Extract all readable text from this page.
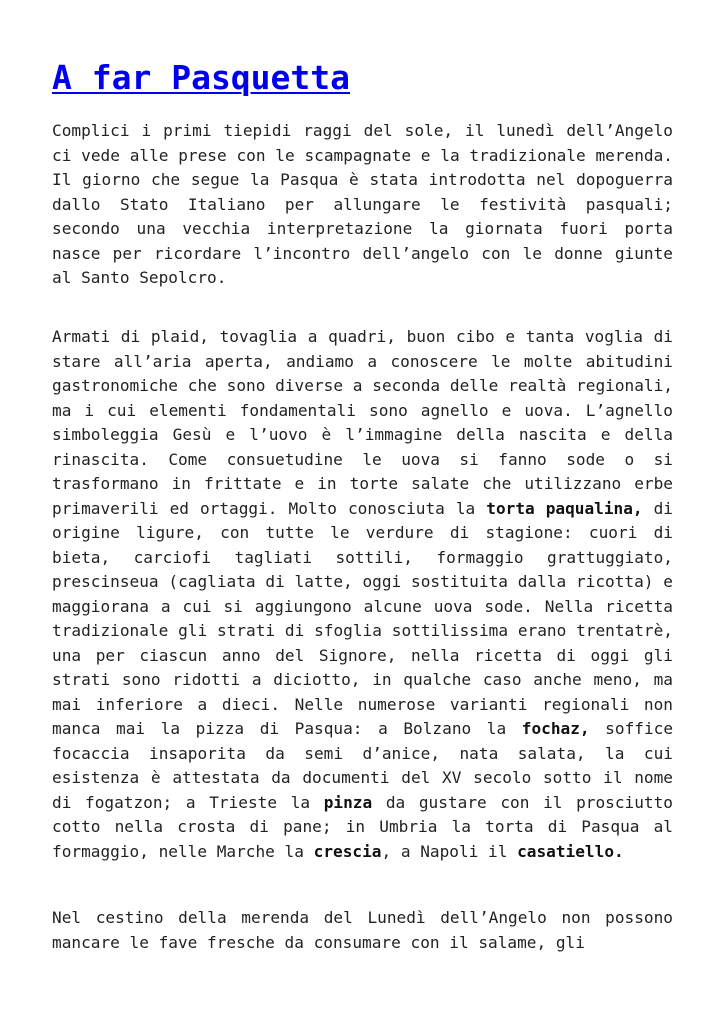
A far Pasquetta

Complici i primi tiepidi raggi del sole, il lunedì dell’Angelo ci vede alle prese con le scampagnate e la tradizionale merenda. Il giorno che segue la Pasqua è stata introdotta nel dopoguerra dallo Stato Italiano per allungare le festività pasquali; secondo una vecchia interpretazione la giornata fuori porta nasce per ricordare l’incontro dell’angelo con le donne giunte al Santo Sepolcro.

Armati di plaid, tovaglia a quadri, buon cibo e tanta voglia di stare all’aria aperta, andiamo a conoscere le molte abitudini gastronomiche che sono diverse a seconda delle realtà regionali, ma i cui elementi fondamentali sono agnello e uova. L’agnello simboleggia Gesù e l’uovo è l’immagine della nascita e della rinascita. Come consuetudine le uova si fanno sode o si trasformano in frittate e in torte salate che utilizzano erbe primaverili ed ortaggi. Molto conosciuta la torta paqualina, di origine ligure, con tutte le verdure di stagione: cuori di bieta, carciofi tagliati sottili, formaggio grattuggiato, prescinseua (cagliata di latte, oggi sostituita dalla ricotta) e maggiorana a cui si aggiungono alcune uova sode. Nella ricetta tradizionale gli strati di sfoglia sottilissima erano trentatrè, una per ciascun anno del Signore, nella ricetta di oggi gli strati sono ridotti a diciotto, in qualche caso anche meno, ma mai inferiore a dieci. Nelle numerose varianti regionali non manca mai la pizza di Pasqua: a Bolzano la fochaz, soffice focaccia insaporita da semi d’anice, nata salata, la cui esistenza è attestata da documenti del XV secolo sotto il nome di fogatzon; a Trieste la pinza da gustare con il prosciutto cotto nella crosta di pane; in Umbria la torta di Pasqua al formaggio, nelle Marche la crescia, a Napoli il casatiello.

Nel cestino della merenda del Lunedì dell’Angelo non possono mancare le fave fresche da consumare con il salame, gli
